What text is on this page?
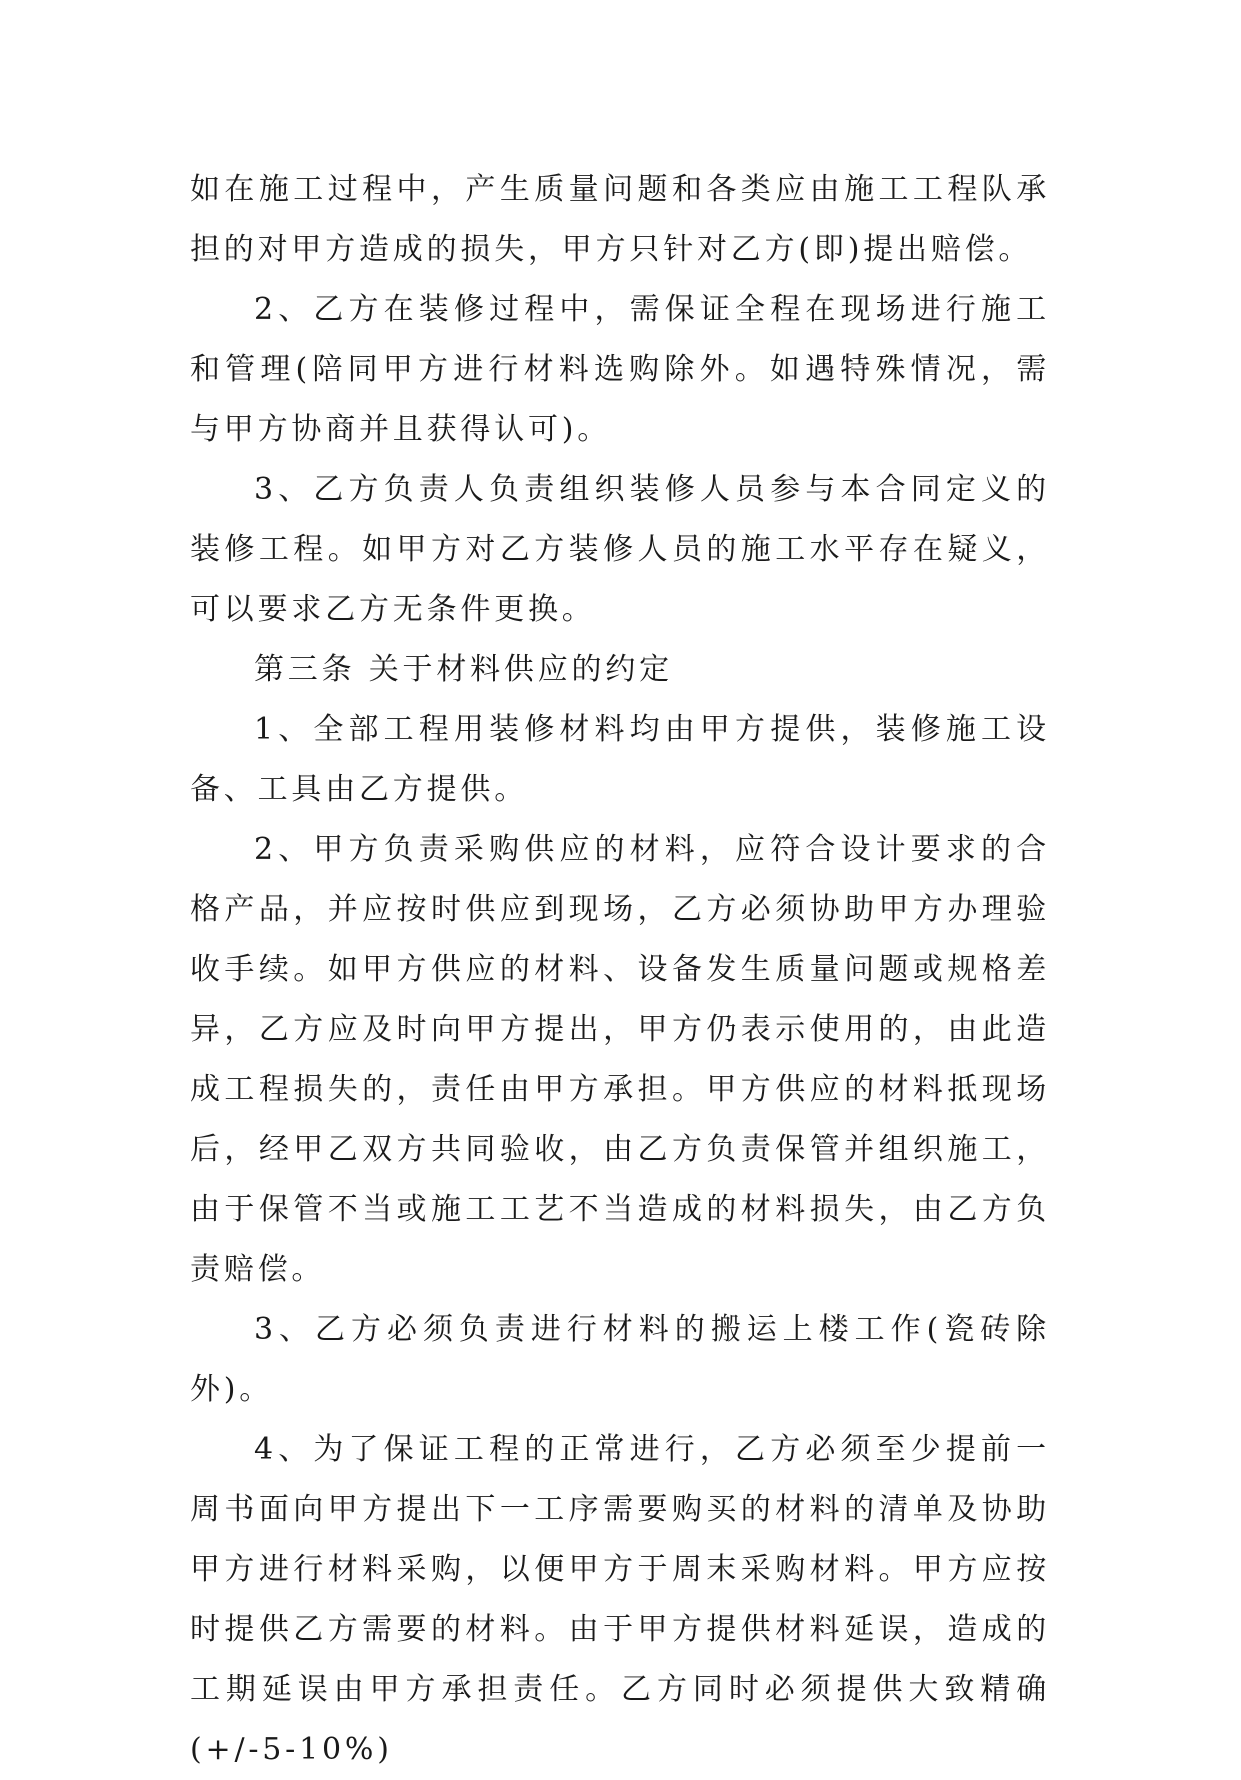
如在施工过程中，产生质量问题和各类应由施工工程队承担的对甲方造成的损失，甲方只针对乙方(即)提出赔偿。

2、乙方在装修过程中，需保证全程在现场进行施工和管理(陪同甲方进行材料选购除外。如遇特殊情况，需与甲方协商并且获得认可)。

3、乙方负责人负责组织装修人员参与本合同定义的装修工程。如甲方对乙方装修人员的施工水平存在疑义，可以要求乙方无条件更换。

第三条 关于材料供应的约定

1、全部工程用装修材料均由甲方提供，装修施工设备、工具由乙方提供。

2、甲方负责采购供应的材料，应符合设计要求的合格产品，并应按时供应到现场，乙方必须协助甲方办理验收手续。如甲方供应的材料、设备发生质量问题或规格差异，乙方应及时向甲方提出，甲方仍表示使用的，由此造成工程损失的，责任由甲方承担。甲方供应的材料抵现场后，经甲乙双方共同验收，由乙方负责保管并组织施工，由于保管不当或施工工艺不当造成的材料损失，由乙方负责赔偿。

3、乙方必须负责进行材料的搬运上楼工作(瓷砖除外)。

4、为了保证工程的正常进行，乙方必须至少提前一周书面向甲方提出下一工序需要购买的材料的清单及协助甲方进行材料采购，以便甲方于周末采购材料。甲方应按时提供乙方需要的材料。由于甲方提供材料延误，造成的工期延误由甲方承担责任。乙方同时必须提供大致精确(+/-5-10%)
